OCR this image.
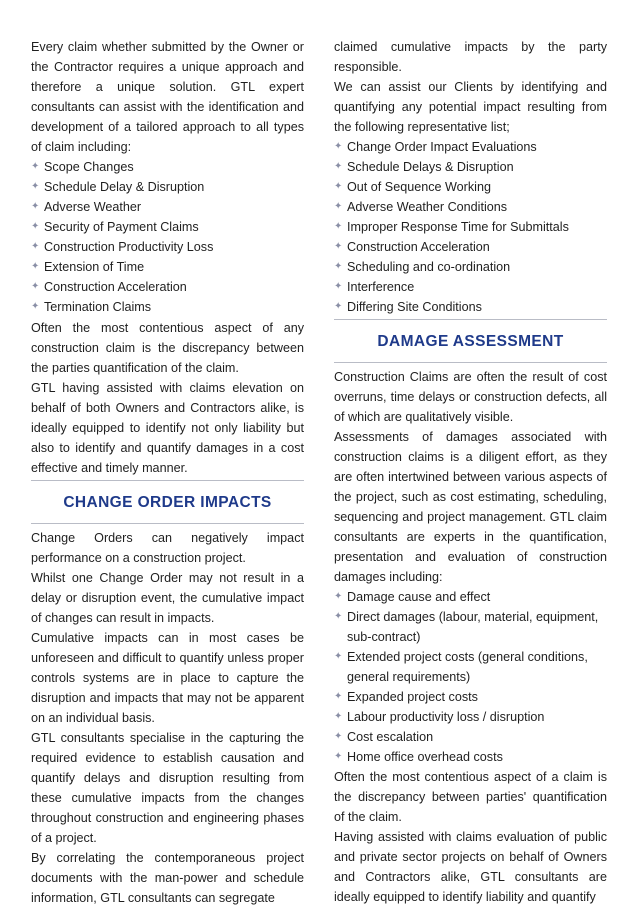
Every claim whether submitted by the Owner or the Contractor requires a unique approach and therefore a unique solution. GTL expert consultants can assist with the identification and development of a tailored approach to all types of claim including:

✦ Scope Changes
✦ Schedule Delay & Disruption
✦ Adverse Weather
✦ Security of Payment Claims
✦ Construction Productivity Loss
✦ Extension of Time
✦ Construction Acceleration
✦ Termination Claims

Often the most contentious aspect of any construction claim is the discrepancy between the parties quantification of the claim.

GTL having assisted with claims elevation on behalf of both Owners and Contractors alike, is ideally equipped to identify not only liability but also to identify and quantify damages in a cost effective and timely manner.

CHANGE ORDER IMPACTS

Change Orders can negatively impact performance on a construction project.

Whilst one Change Order may not result in a delay or disruption event, the cumulative impact of changes can result in impacts.

Cumulative impacts can in most cases be unforeseen and difficult to quantify unless proper controls systems are in place to capture the disruption and impacts that may not be apparent on an individual basis.

GTL consultants specialise in the capturing the required evidence to establish causation and quantify delays and disruption resulting from these cumulative impacts from the changes throughout construction and engineering phases of a project.

By correlating the contemporaneous project documents with the man-power and schedule information, GTL consultants can segregate

claimed cumulative impacts by the party responsible.

We can assist our Clients by identifying and quantifying any potential impact resulting from the following representative list;

✦ Change Order Impact Evaluations
✦ Schedule Delays & Disruption
✦ Out of Sequence Working
✦ Adverse Weather Conditions
✦ Improper Response Time for Submittals
✦ Construction Acceleration
✦ Scheduling and co-ordination
✦ Interference
✦ Differing Site Conditions
DAMAGE ASSESSMENT

Construction Claims are often the result of cost overruns, time delays or construction defects, all of which are qualitatively visible.

Assessments of damages associated with construction claims is a diligent effort, as they are often intertwined between various aspects of the project, such as cost estimating, scheduling, sequencing and project management. GTL claim consultants are experts in the quantification, presentation and evaluation of construction damages including:

✦ Damage cause and effect
✦ Direct damages (labour, material, equipment, sub-contract)
✦ Extended project costs (general conditions, general requirements)
✦ Expanded project costs
✦ Labour productivity loss / disruption
✦ Cost escalation
✦ Home office overhead costs

Often the most contentious aspect of a claim is the discrepancy between parties' quantification of the claim.

Having assisted with claims evaluation of public and private sector projects on behalf of Owners and Contractors alike, GTL consultants are ideally equipped to identify liability and quantify
